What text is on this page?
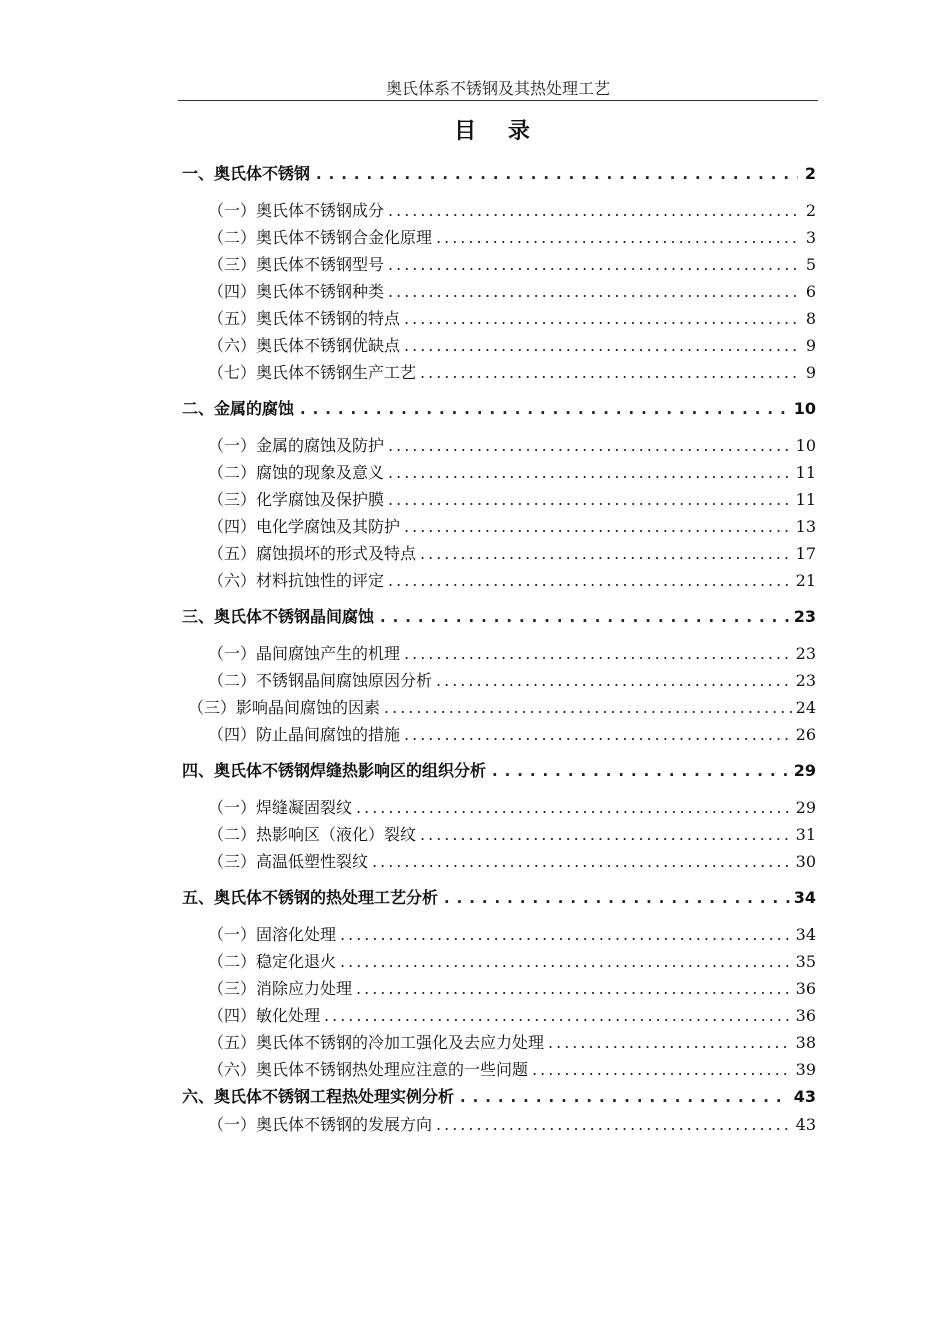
奥氏体系不锈钢及其热处理工艺
目 录
一、奥氏体不锈钢 .....	2
（一）奥氏体不锈钢成分 .....	2
（二）奥氏体不锈钢合金化原理 .....	3
（三）奥氏体不锈钢型号 .....	5
（四）奥氏体不锈钢种类 .....	6
（五）奥氏体不锈钢的特点 .....	8
（六）奥氏体不锈钢优缺点 .....	9
（七）奥氏体不锈钢生产工艺 .....	9
二、金属的腐蚀 .....	10
（一）金属的腐蚀及防护 .....	10
（二）腐蚀的现象及意义 .....	11
（三）化学腐蚀及保护膜 .....	11
（四）电化学腐蚀及其防护 .....	13
（五）腐蚀损坏的形式及特点 .....	17
（六）材料抗蚀性的评定 .....	21
三、奥氏体不锈钢晶间腐蚀 .....	23
（一）晶间腐蚀产生的机理 .....	23
（二）不锈钢晶间腐蚀原因分析 .....	23
（三）影响晶间腐蚀的因素 .....	24
（四）防止晶间腐蚀的措施 .....	26
四、奥氏体不锈钢焊缝热影响区的组织分析 .....	29
（一）焊缝凝固裂纹 .....	29
（二）热影响区（液化）裂纹 .....	31
（三）高温低塑性裂纹 .....	30
五、奥氏体不锈钢的热处理工艺分析 .....	34
（一）固溶化处理 .....	34
（二）稳定化退火 .....	35
（三）消除应力处理 .....	36
（四）敏化处理 .....	36
（五）奥氏体不锈钢的冷加工强化及去应力处理 .....	38
（六）奥氏体不锈钢热处理应注意的一些问题 .....	39
六、奥氏体不锈钢工程热处理实例分析 .....	43
（一）奥氏体不锈钢的发展方向 .....	43
